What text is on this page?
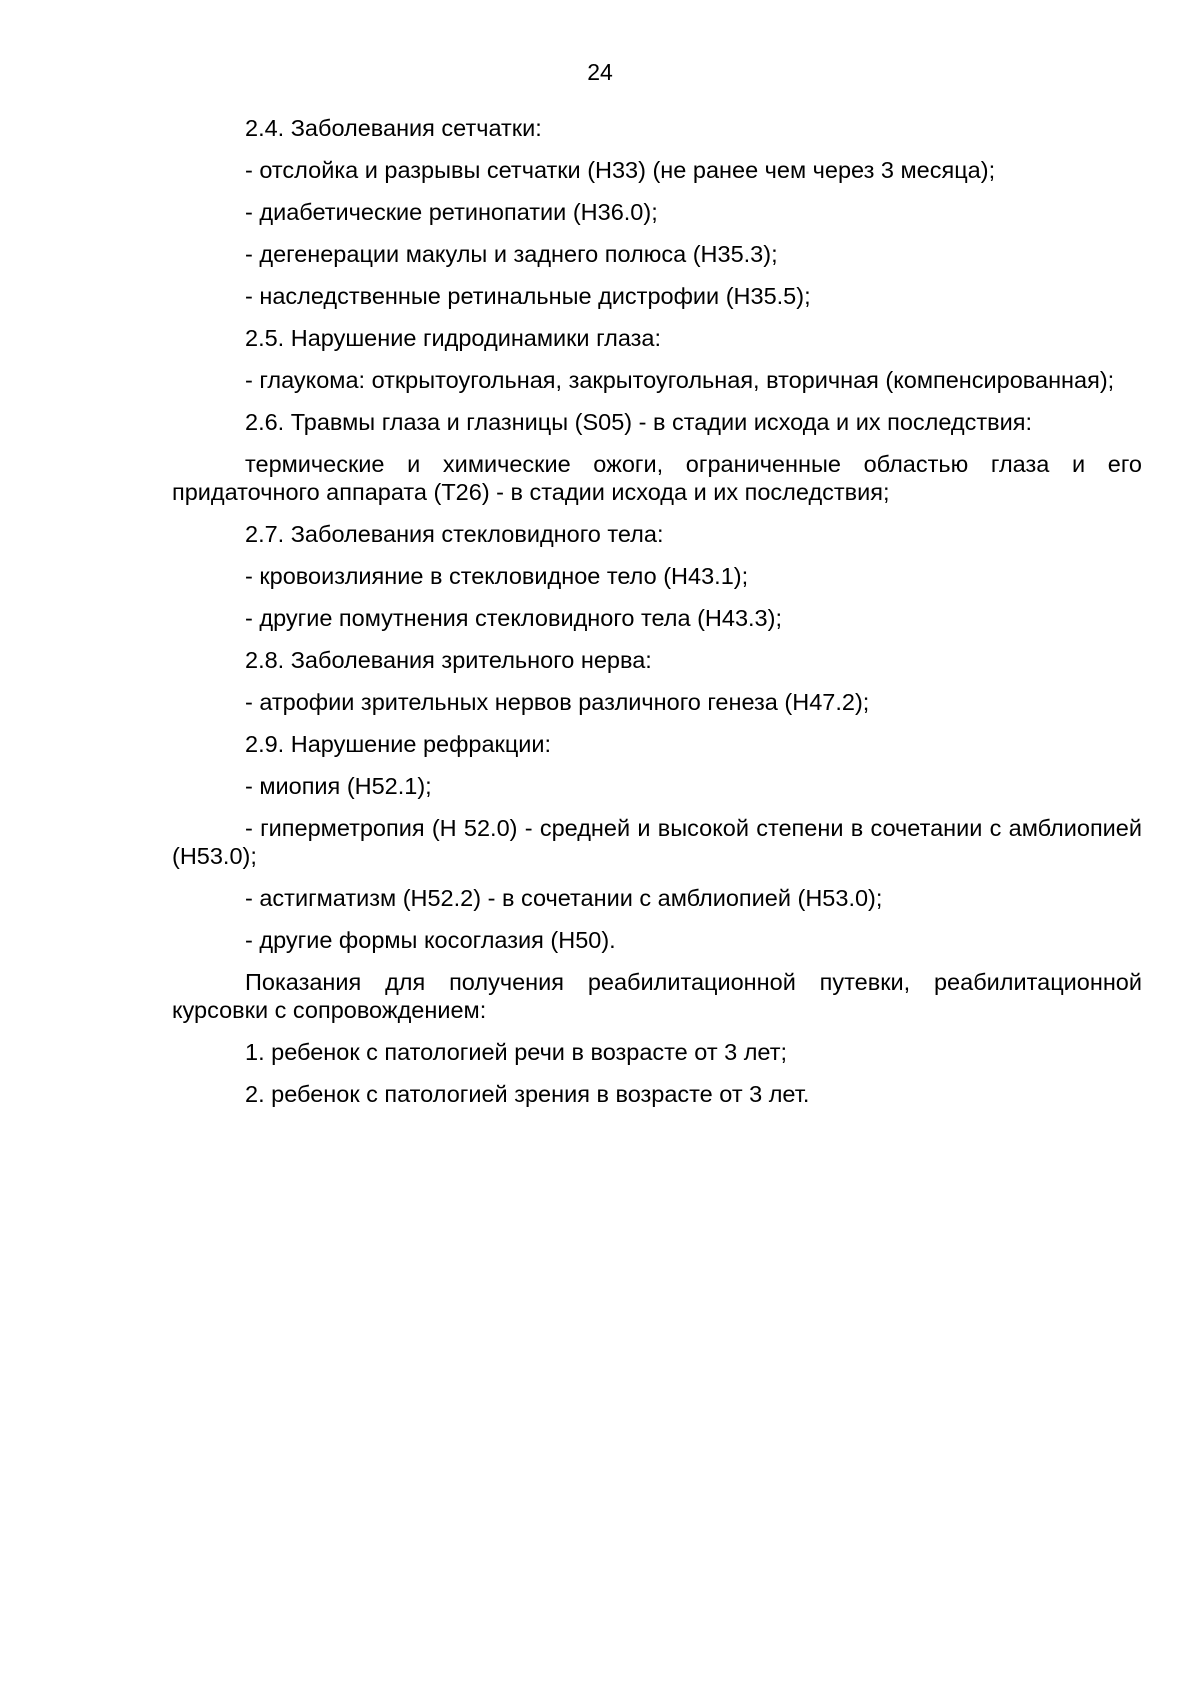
24

2.4. Заболевания сетчатки:

- отслойка и разрывы сетчатки (Н33) (не ранее чем через 3 месяца);

- диабетические ретинопатии (Н36.0);

- дегенерации макулы и заднего полюса (Н35.3);

- наследственные ретинальные дистрофии (Н35.5);

2.5. Нарушение гидродинамики глаза:

- глаукома: открытоугольная, закрытоугольная, вторичная (компенсированная);

2.6. Травмы глаза и глазницы (S05) - в стадии исхода и их последствия:

термические и химические ожоги, ограниченные областью глаза и его придаточного аппарата (Т26) - в стадии исхода и их последствия;

2.7. Заболевания стекловидного тела:

- кровоизлияние в стекловидное тело (Н43.1);

- другие помутнения стекловидного тела (Н43.3);

2.8. Заболевания зрительного нерва:

- атрофии зрительных нервов различного генеза (Н47.2);

2.9. Нарушение рефракции:

- миопия (Н52.1);

- гиперметропия (Н 52.0) - средней и высокой степени в сочетании с амблиопией (Н53.0);

- астигматизм (Н52.2) - в сочетании с амблиопией (Н53.0);

- другие формы косоглазия (Н50).

Показания для получения реабилитационной путевки, реабилитационной курсовки с сопровождением:

1. ребенок с патологией речи в возрасте от 3 лет;

2. ребенок с патологией зрения в возрасте от 3 лет.
